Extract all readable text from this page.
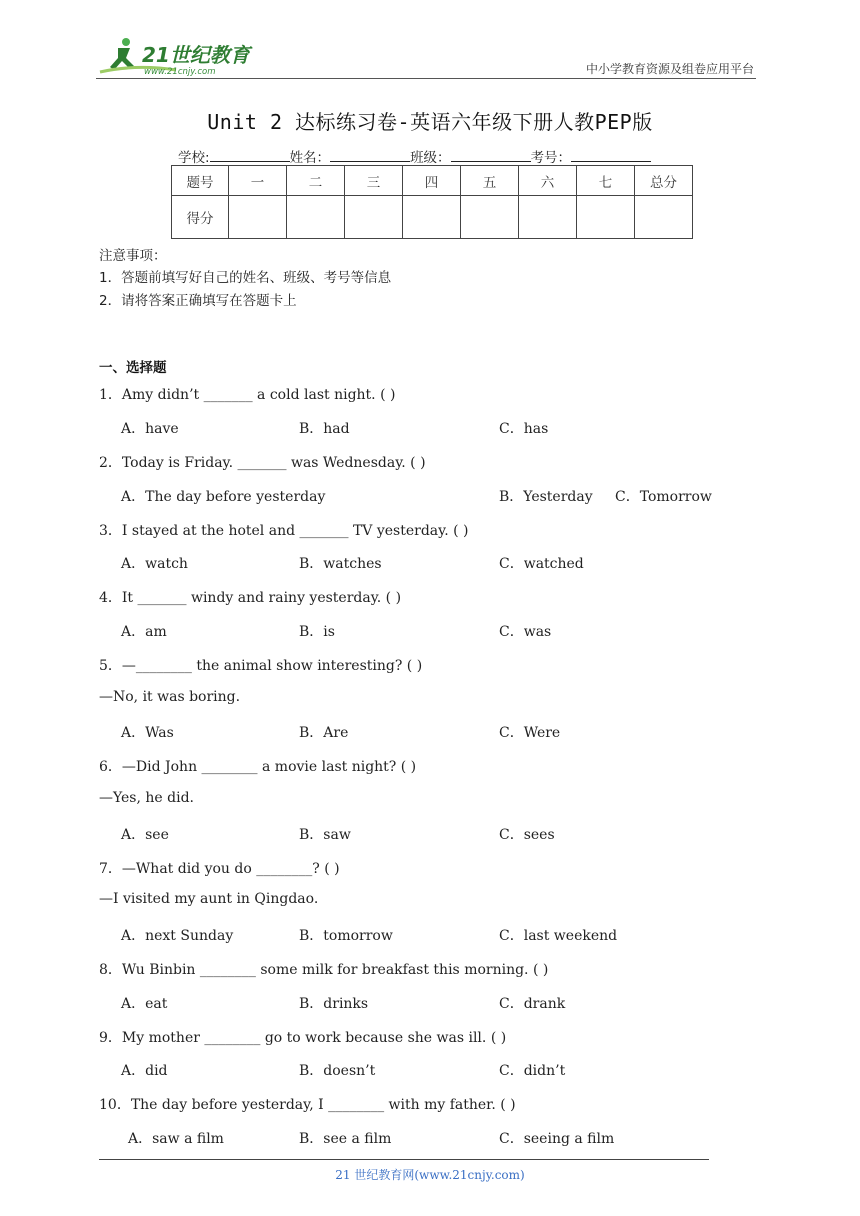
21世纪教育
www.21cnjy.com	中小学教育资源及组卷应用平台
Unit 2 达标练习卷-英语六年级下册人教PEP版
学校:	姓名：	班级：	考号：
题号	一	二	三	四	五	六	七	总分
得分								
注意事项：
1．答题前填写好自己的姓名、班级、考号等信息
2．请将答案正确填写在答题卡上
一、选择题
1．Amy didn’t _______ a cold last night. ( )
A．have	B．had	C．has
2．Today is Friday. _______ was Wednesday. ( )
A．The day before yesterday	B．Yesterday C．Tomorrow
3．I stayed at the hotel and _______ TV yesterday. ( )
A．watch	B．watches	C．watched
4．It _______ windy and rainy yesterday. ( )
A．am	B．is	C．was
5．—________ the animal show interesting? ( )
—No, it was boring.
A．Was	B．Are	C．Were
6．—Did John ________ a movie last night? ( )
—Yes, he did.
A．see	B．saw	C．sees
7．—What did you do ________? ( )
—I visited my aunt in Qingdao.
A．next Sunday	B．tomorrow	C．last weekend
8．Wu Binbin ________ some milk for breakfast this morning. ( )
A．eat	B．drinks	C．drank
9．My mother ________ go to work because she was ill. ( )
A．did	B．doesn’t	C．didn’t
10．The day before yesterday, I ________ with my father. ( )
A．saw a film	B．see a film	C．seeing a film
21 世纪教育网(www.21cnjy.com)
